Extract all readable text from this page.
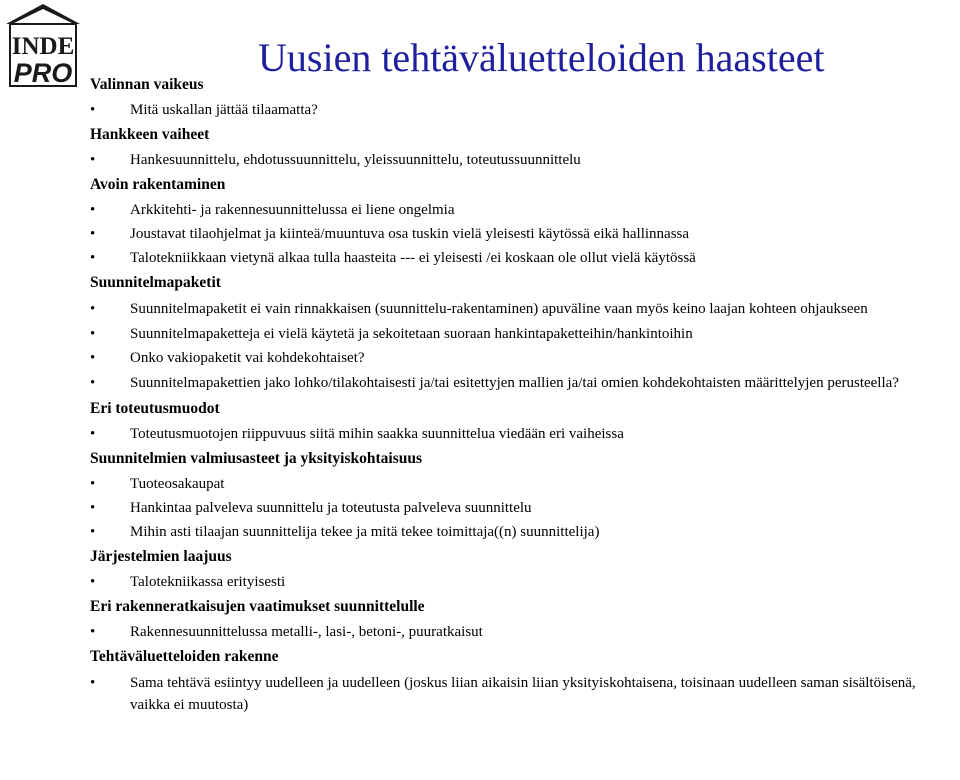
INDE
PRO	Uusien tehtäväluetteloiden haasteet
Valinnan vaikeus
• Mitä uskallan jättää tilaamatta?
Hankkeen vaiheet
• Hankesuunnittelu, ehdotussuunnittelu, yleissuunnittelu, toteutussuunnittelu
Avoin rakentaminen
• Arkkitehti- ja rakennesuunnittelussa ei liene ongelmia
• Joustavat tilaohjelmat ja kiinteä/muuntuva osa tuskin vielä yleisesti käytössä eikä hallinnassa
• Talotekniikkaan vietynä alkaa tulla haasteita --- ei yleisesti /ei koskaan ole ollut vielä käytössä
Suunnitelmapaketit
• Suunnitelmapaketit ei vain rinnakkaisen (suunnittelu-rakentaminen) apuväline vaan myös keino laajan kohteen ohjaukseen
• Suunnitelmapaketteja ei vielä käytetä ja sekoitetaan suoraan hankintapaketteihin/hankintoihin
• Onko vakiopaketit vai kohdekohtaiset?
• Suunnitelmapakettien jako lohko/tilakohtaisesti ja/tai esitettyjen mallien ja/tai omien kohdekohtaisten määrittelyjen perusteella?
Eri toteutusmuodot
• Toteutusmuotojen riippuvuus siitä mihin saakka suunnittelua viedään eri vaiheissa
Suunnitelmien valmiusasteet ja yksityiskohtaisuus
• Tuoteosakaupat
• Hankintaa palveleva suunnittelu ja toteutusta palveleva suunnittelu
• Mihin asti tilaajan suunnittelija tekee ja mitä tekee toimittaja((n) suunnittelija)
Järjestelmien laajuus
• Talotekniikassa erityisesti
Eri rakenneratkaisujen vaatimukset suunnittelulle
• Rakennesuunnittelussa metalli-, lasi-, betoni-, puuratkaisut
Tehtäväluetteloiden rakenne
• Sama tehtävä esiintyy uudelleen ja uudelleen (joskus liian aikaisin liian yksityiskohtaisena, toisinaan uudelleen saman sisältöisenä, vaikka ei muutosta)
